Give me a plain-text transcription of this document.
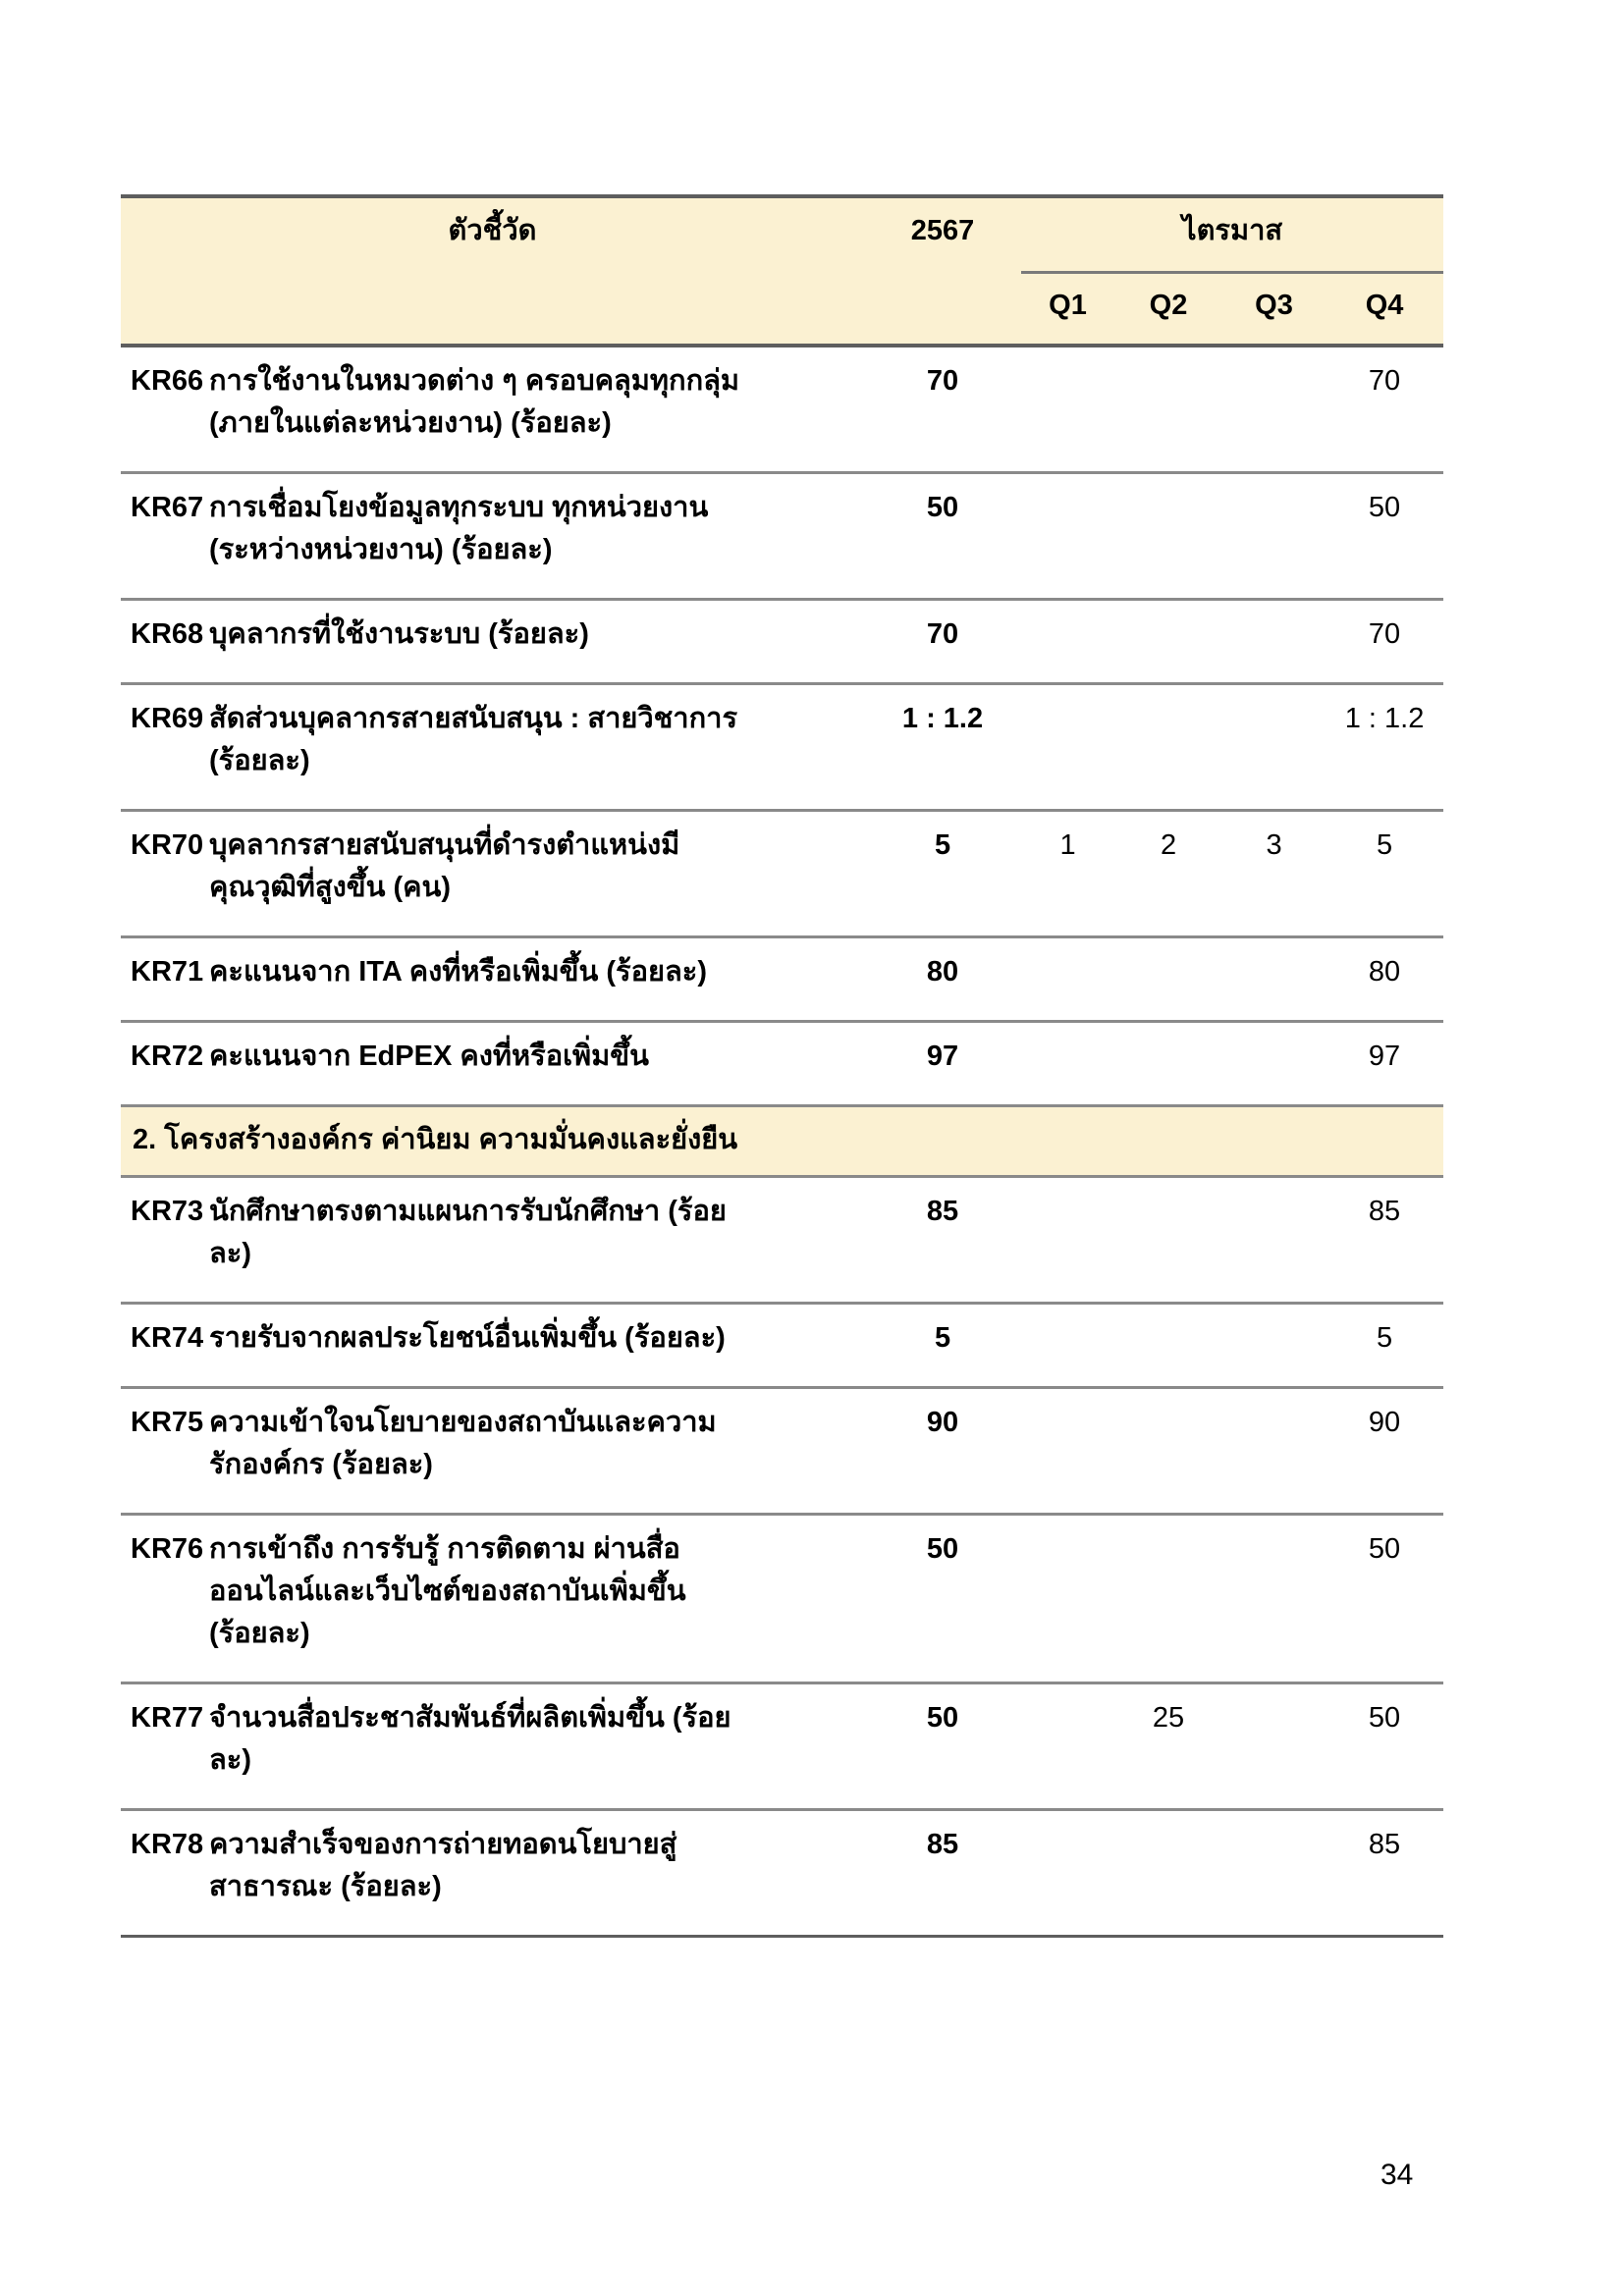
ตัวชี้วัด		2567	ไตรมาส			
			Q1	Q2	Q3	Q4
KR66	การใช้งานในหมวดต่าง ๆ ครอบคลุมทุกกลุ่ม (ภายในแต่ละหน่วยงาน) (ร้อยละ)	70				70
KR67	การเชื่อมโยงข้อมูลทุกระบบ ทุกหน่วยงาน (ระหว่างหน่วยงาน) (ร้อยละ)	50				50
KR68	บุคลากรที่ใช้งานระบบ (ร้อยละ)	70				70
KR69	สัดส่วนบุคลากรสายสนับสนุน : สายวิชาการ (ร้อยละ)	1 : 1.2				1 : 1.2
KR70	บุคลากรสายสนับสนุนที่ดำรงตำแหน่งมีคุณวุฒิที่สูงขึ้น (คน)	5	1	2	3	5
KR71	คะแนนจาก ITA คงที่หรือเพิ่มขึ้น (ร้อยละ)	80				80
KR72	คะแนนจาก EdPEX คงที่หรือเพิ่มขึ้น	97				97
2. โครงสร้างองค์กร ค่านิยม ความมั่นคงและยั่งยืน						
KR73	นักศึกษาตรงตามแผนการรับนักศึกษา (ร้อยละ)	85				85
KR74	รายรับจากผลประโยชน์อื่นเพิ่มขึ้น (ร้อยละ)	5				5
KR75	ความเข้าใจนโยบายของสถาบันและความรักองค์กร (ร้อยละ)	90				90
KR76	การเข้าถึง การรับรู้ การติดตาม ผ่านสื่อออนไลน์และเว็บไซต์ของสถาบันเพิ่มขึ้น (ร้อยละ)	50				50
KR77	จำนวนสื่อประชาสัมพันธ์ที่ผลิตเพิ่มขึ้น (ร้อยละ)	50		25		50
KR78	ความสำเร็จของการถ่ายทอดนโยบายสู่สาธารณะ (ร้อยละ)	85				85
34
